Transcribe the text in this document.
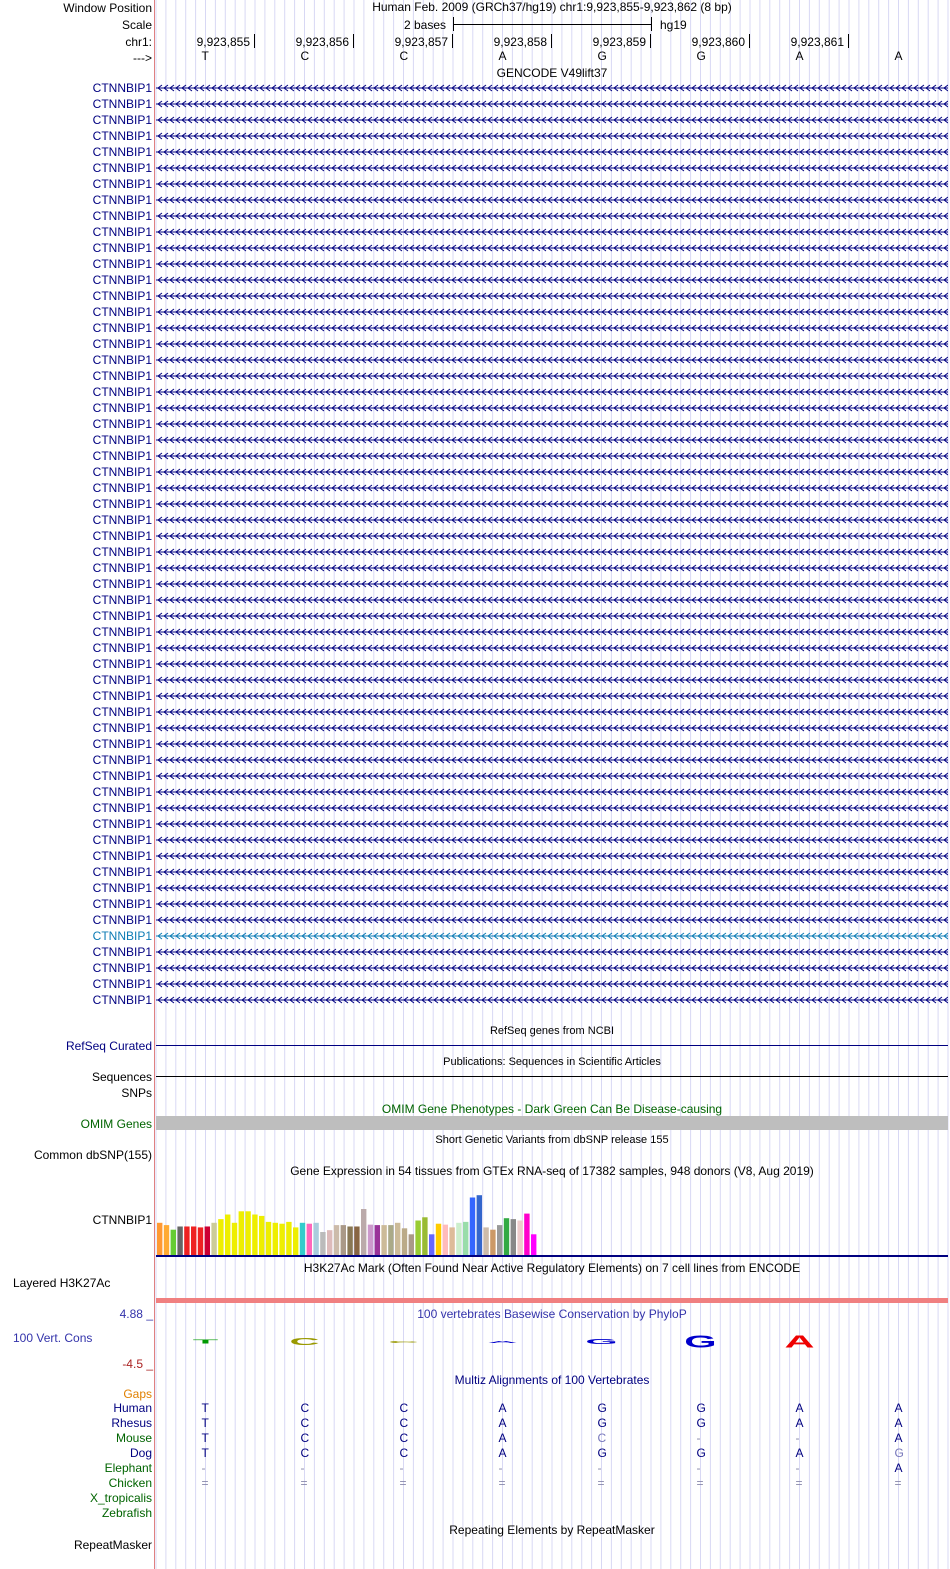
Window Position	Human Feb. 2009 (GRCh37/hg19) chr1:9,923,855-9,923,862 (8 bp)
Scale	2 bases	hg19
chr1:	9,923,855	9,923,856	9,923,857	9,923,858	9,923,859	9,923,860	9,923,861
--->	T	C	C	A	G	G	A	A
GENCODE V49lift37
CTNNBIP1
CTNNBIP1
CTNNBIP1
CTNNBIP1
CTNNBIP1
CTNNBIP1
CTNNBIP1
CTNNBIP1
CTNNBIP1
CTNNBIP1
CTNNBIP1
CTNNBIP1
CTNNBIP1
CTNNBIP1
CTNNBIP1
CTNNBIP1
CTNNBIP1
CTNNBIP1
CTNNBIP1
CTNNBIP1
CTNNBIP1
CTNNBIP1
CTNNBIP1
CTNNBIP1
CTNNBIP1
CTNNBIP1
CTNNBIP1
CTNNBIP1
CTNNBIP1
CTNNBIP1
CTNNBIP1
CTNNBIP1
CTNNBIP1
CTNNBIP1
CTNNBIP1
CTNNBIP1
CTNNBIP1
CTNNBIP1
CTNNBIP1
CTNNBIP1
CTNNBIP1
CTNNBIP1
CTNNBIP1
CTNNBIP1
CTNNBIP1
CTNNBIP1
CTNNBIP1
CTNNBIP1
CTNNBIP1
CTNNBIP1
CTNNBIP1
CTNNBIP1
CTNNBIP1
CTNNBIP1
CTNNBIP1
CTNNBIP1
CTNNBIP1
CTNNBIP1
RefSeq genes from NCBI
RefSeq Curated
Publications: Sequences in Scientific Articles
Sequences
SNPs
OMIM Gene Phenotypes - Dark Green Can Be Disease-causing
OMIM Genes
Short Genetic Variants from dbSNP release 155
Common dbSNP(155)
Gene Expression in 54 tissues from GTEx RNA-seq of 17382 samples, 948 donors (V8, Aug 2019)
CTNNBIP1
H3K27Ac Mark (Often Found Near Active Regulatory Elements) on 7 cell lines from ENCODE
Layered H3K27Ac
100 vertebrates Basewise Conservation by PhyloP
4.88 _
100 Vert. Cons
-4.5 _
T	C	C	A	G	G	A
Multiz Alignments of 100 Vertebrates
Gaps
Human	T	C	C	A	G	G	A	A
Rhesus	T	C	C	A	G	G	A	A
Mouse	T	C	C	A	C	-	-	A
Dog	T	C	C	A	G	G	A	G
Elephant	-	-	-	-	-	-	-	A
Chicken	=	=	=	=	=	=	=	=
X_tropicalis
Zebrafish
Repeating Elements by RepeatMasker
RepeatMasker
